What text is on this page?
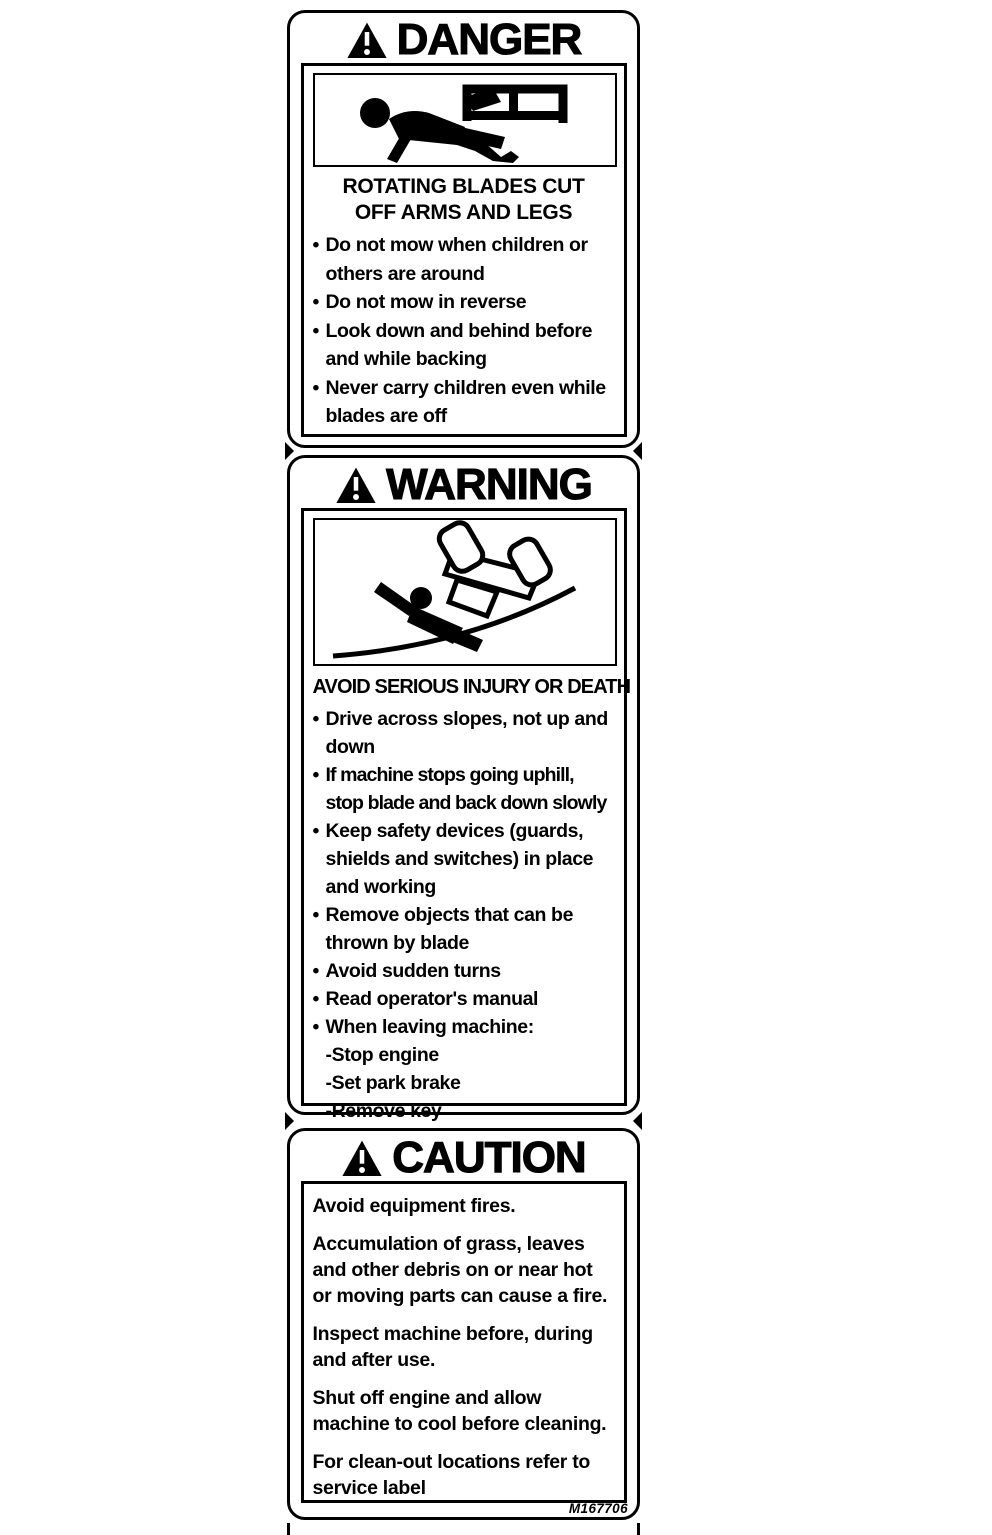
DANGER
ROTATING BLADES CUT
OFF ARMS AND LEGS
• Do not mow when children or others are around
• Do not mow in reverse
• Look down and behind before and while backing
• Never carry children even while blades are off
WARNING
AVOID SERIOUS INJURY OR DEATH
• Drive across slopes, not up and down
• If machine stops going uphill, stop blade and back down slowly
• Keep safety devices (guards, shields and switches) in place and working
• Remove objects that can be thrown by blade
• Avoid sudden turns
• Read operator's manual
• When leaving machine:
-Stop engine
-Set park brake
-Remove key
CAUTION

Avoid equipment fires.

Accumulation of grass, leaves and other debris on or near hot or moving parts can cause a fire.

Inspect machine before, during and after use.

Shut off engine and allow machine to cool before cleaning.

For clean-out locations refer to service label

M167706
